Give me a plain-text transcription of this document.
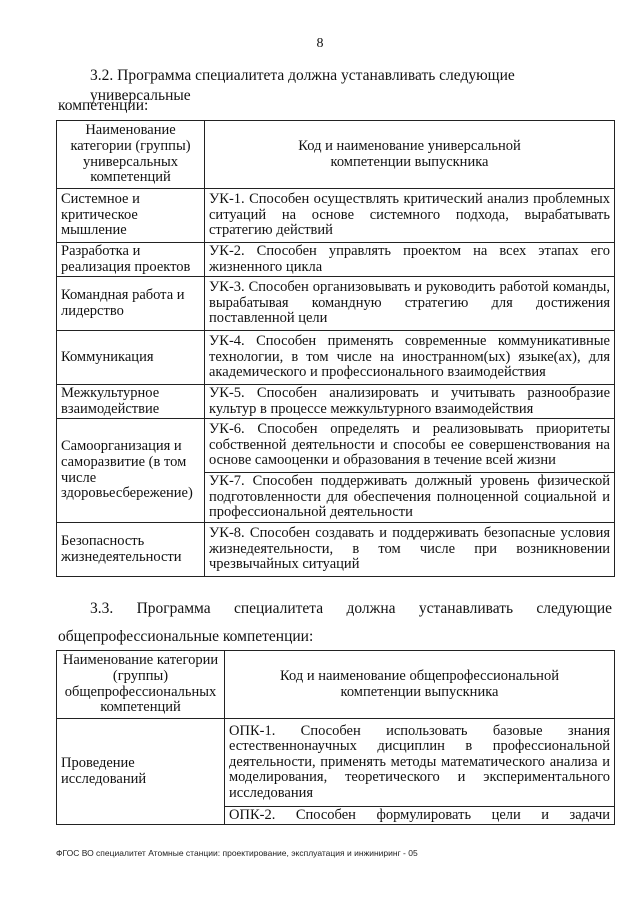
8
3.2. Программа специалитета должна устанавливать следующие универсальные
компетенции:
Наименование категории (группы) универсальных компетенций	Код и наименование универсальной компетенции выпускника
Системное и критическое мышление	УК-1. Способен осуществлять критический анализ проблемных ситуаций на основе системного подхода, вырабатывать стратегию действий
Разработка и реализация проектов	УК-2. Способен управлять проектом на всех этапах его жизненного цикла
Командная работа и лидерство	УК-3. Способен организовывать и руководить работой команды, вырабатывая командную стратегию для достижения поставленной цели
Коммуникация	УК-4. Способен применять современные коммуникативные технологии, в том числе на иностранном(ых) языке(ах), для академического и профессионального взаимодействия
Межкультурное взаимодействие	УК-5. Способен анализировать и учитывать разнообразие культур в процессе межкультурного взаимодействия
Самоорганизация и саморазвитие (в том числе здоровьесбережение)	УК-6. Способен определять и реализовывать приоритеты собственной деятельности и способы ее совершенствования на основе самооценки и образования в течение всей жизни
	УК-7. Способен поддерживать должный уровень физической подготовленности для обеспечения полноценной социальной и профессиональной деятельности
Безопасность жизнедеятельности	УК-8. Способен создавать и поддерживать безопасные условия жизнедеятельности, в том числе при возникновении чрезвычайных ситуаций
3.3. Программа специалитета должна устанавливать следующие
общепрофессиональные компетенции:
Наименование категории (группы) общепрофессиональных компетенций	Код и наименование общепрофессиональной компетенции выпускника
Проведение исследований	ОПК-1. Способен использовать базовые знания естественнонаучных дисциплин в профессиональной деятельности, применять методы математического анализа и моделирования, теоретического и экспериментального исследования
	ОПК-2. Способен формулировать цели и задачи
ФГОС ВО специалитет Атомные станции: проектирование, эксплуатация и инжиниринг - 05
